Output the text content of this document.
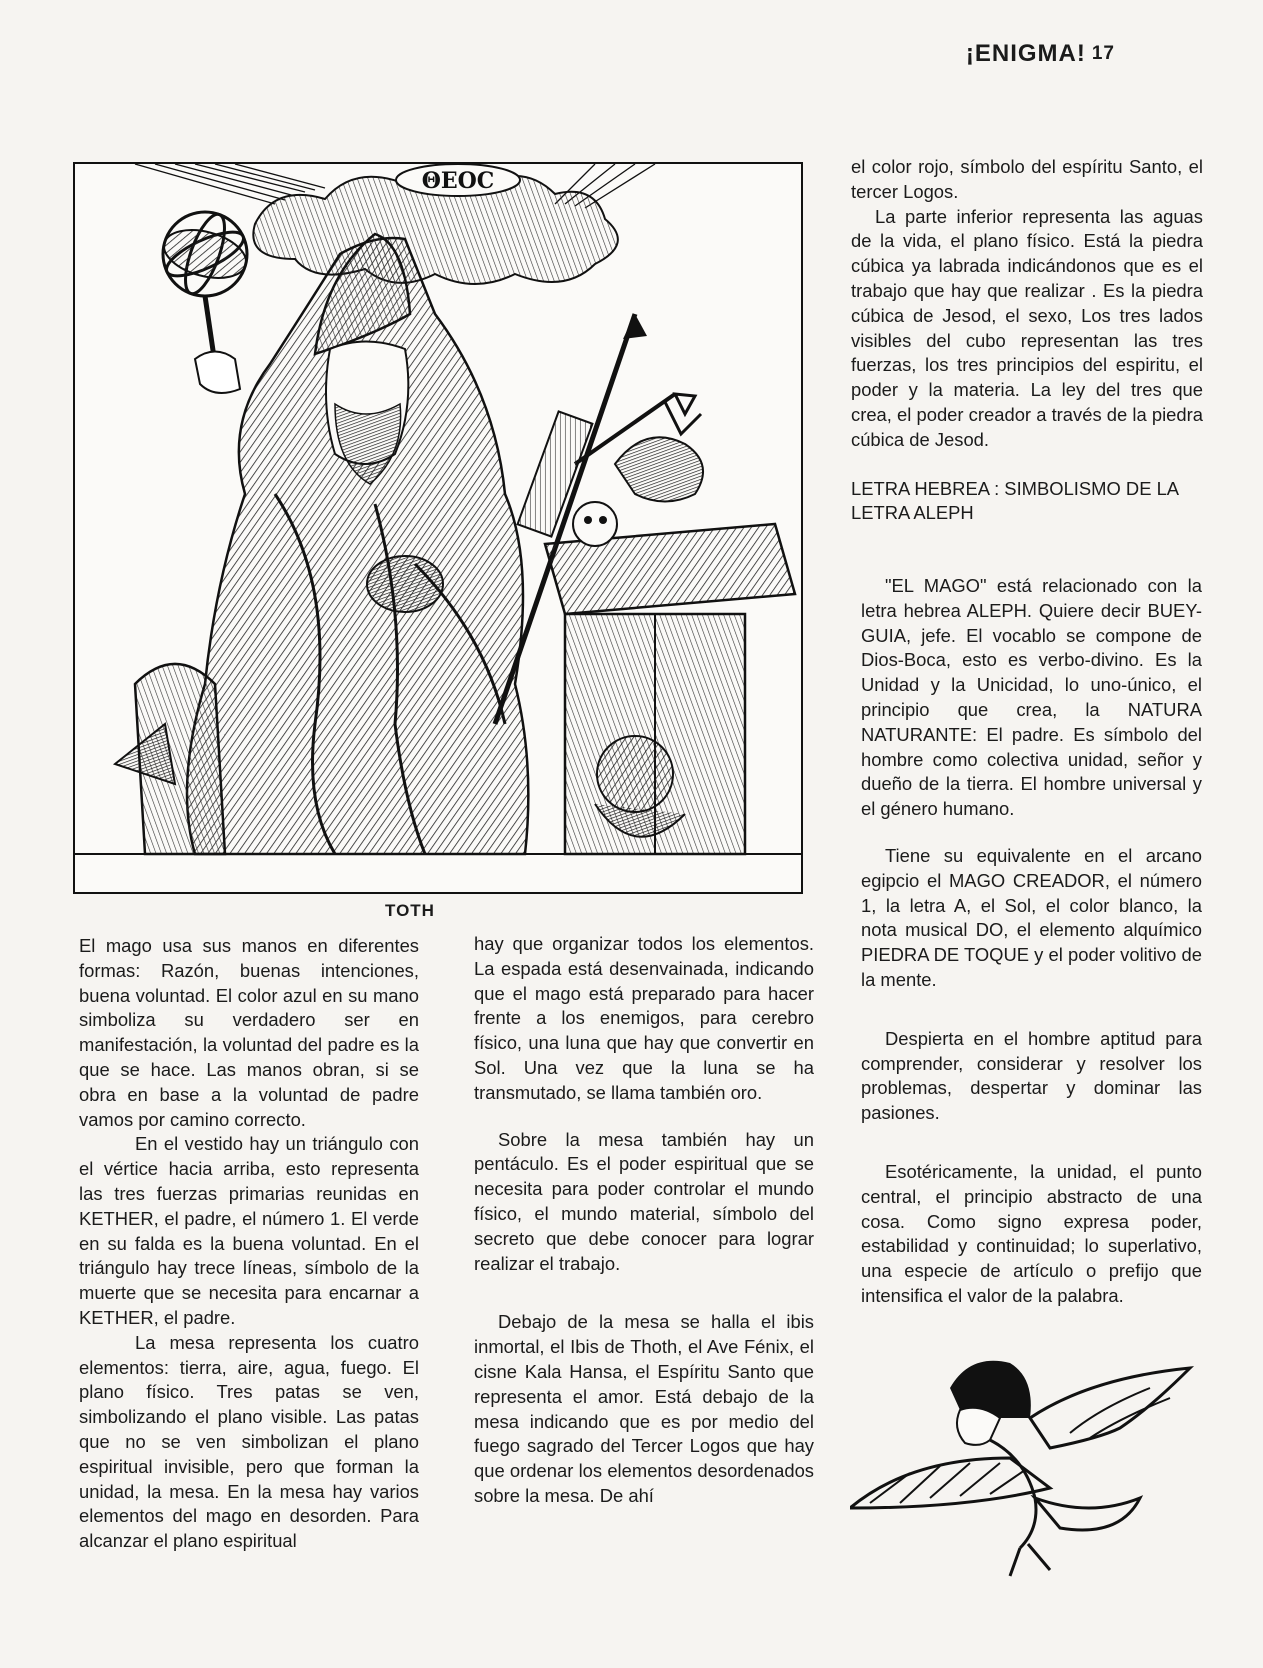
¡ENIGMA! 17
ΘEOC
TOTH

El mago usa sus manos en diferentes formas: Razón, buenas intenciones, buena voluntad. El color azul en su mano simboliza su verdadero ser en manifestación, la voluntad del padre es la que se hace. Las manos obran, si se obra en base a la voluntad de padre vamos por camino correcto.

En el vestido hay un triángulo con el vértice hacia arriba, esto representa las tres fuerzas primarias reunidas en KETHER, el padre, el número 1. El verde en su falda es la buena voluntad. En el triángulo hay trece líneas, símbolo de la muerte que se necesita para encarnar a KETHER, el padre.

La mesa representa los cuatro elementos: tierra, aire, agua, fuego. El plano físico. Tres patas se ven, simbolizando el plano visible. Las patas que no se ven simbolizan el plano espiritual invisible, pero que forman la unidad, la mesa. En la mesa hay varios elementos del mago en desorden. Para alcanzar el plano espiritual

hay que organizar todos los elementos. La espada está desenvainada, indicando que el mago está preparado para hacer frente a los enemigos, para cerebro físico, una luna que hay que convertir en Sol. Una vez que la luna se ha transmutado, se llama también oro.

Sobre la mesa también hay un pentáculo. Es el poder espiritual que se necesita para poder controlar el mundo físico, el mundo material, símbolo del secreto que debe conocer para lograr realizar el trabajo.

Debajo de la mesa se halla el ibis inmortal, el Ibis de Thoth, el Ave Fénix, el cisne Kala Hansa, el Espíritu Santo que representa el amor. Está debajo de la mesa indicando que es por medio del fuego sagrado del Tercer Logos que hay que ordenar los elementos desordenados sobre la mesa. De ahí

el color rojo, símbolo del espíritu Santo, el tercer Logos.

La parte inferior representa las aguas de la vida, el plano físico. Está la piedra cúbica ya labrada indicándonos que es el trabajo que hay que realizar . Es la piedra cúbica de Jesod, el sexo, Los tres lados visibles del cubo representan las tres fuerzas, los tres principios del espiritu, el poder y la materia. La ley del tres que crea, el poder creador a través de la piedra cúbica de Jesod.

LETRA HEBREA : SIMBOLISMO DE LA LETRA ALEPH

"EL MAGO" está relacionado con la letra hebrea ALEPH. Quiere decir BUEY-GUIA, jefe. El vocablo se compone de Dios-Boca, esto es verbo-divino. Es la Unidad y la Unicidad, lo uno-único, el principio que crea, la NATURA NATURANTE: El padre. Es símbolo del hombre como colectiva unidad, señor y dueño de la tierra. El hombre universal y el género humano.

Tiene su equivalente en el arcano egipcio el MAGO CREADOR, el número 1, la letra A, el Sol, el color blanco, la nota musical DO, el elemento alquímico PIEDRA DE TOQUE y el poder volitivo de la mente.

Despierta en el hombre aptitud para comprender, considerar y resolver los problemas, despertar y dominar las pasiones.

Esotéricamente, la unidad, el punto central, el principio abstracto de una cosa. Como signo expresa poder, estabilidad y continuidad; lo superlativo, una especie de artículo o prefijo que intensifica el valor de la palabra.
